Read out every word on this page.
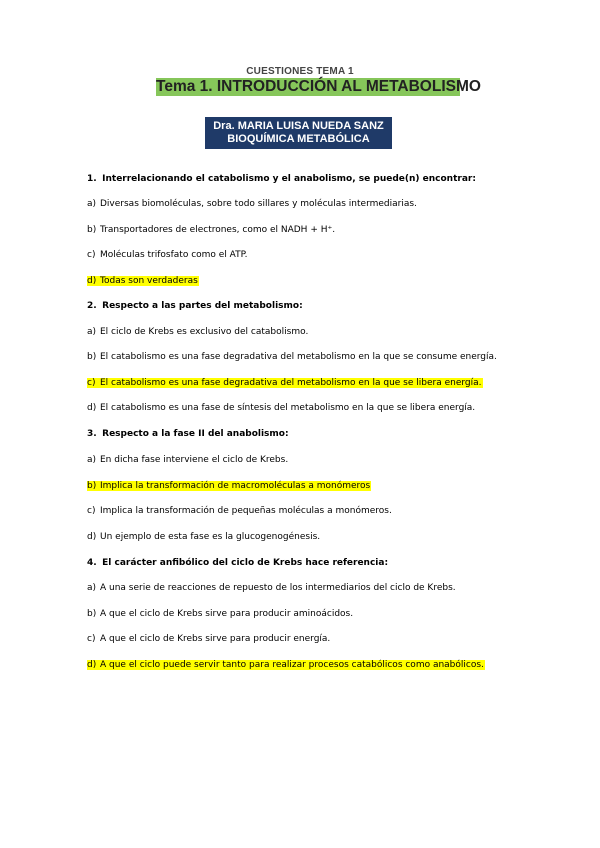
CUESTIONES TEMA 1
Tema 1. INTRODUCCIÓN AL METABOLISMO
Dra. MARIA LUISA NUEDA SANZ
BIOQUÍMICA METABÓLICA
1. Interrelacionando el catabolismo y el anabolismo, se puede(n) encontrar:
a) Diversas biomoléculas, sobre todo sillares y moléculas intermediarias.
b) Transportadores de electrones, como el NADH + H⁺.
c) Moléculas trifosfato como el ATP.
d) Todas son verdaderas
2. Respecto a las partes del metabolismo:
a) El ciclo de Krebs es exclusivo del catabolismo.
b) El catabolismo es una fase degradativa del metabolismo en la que se consume energía.
c) El catabolismo es una fase degradativa del metabolismo en la que se libera energía.
d) El catabolismo es una fase de síntesis del metabolismo en la que se libera energía.
3. Respecto a la fase II del anabolismo:
a) En dicha fase interviene el ciclo de Krebs.
b) Implica la transformación de macromoléculas a monómeros
c) Implica la transformación de pequeñas moléculas a monómeros.
d) Un ejemplo de esta fase es la glucogenogénesis.
4. El carácter anfibólico del ciclo de Krebs hace referencia:
a) A una serie de reacciones de repuesto de los intermediarios del ciclo de Krebs.
b) A que el ciclo de Krebs sirve para producir aminoácidos.
c) A que el ciclo de Krebs sirve para producir energía.
d) A que el ciclo puede servir tanto para realizar procesos catabólicos como anabólicos.
